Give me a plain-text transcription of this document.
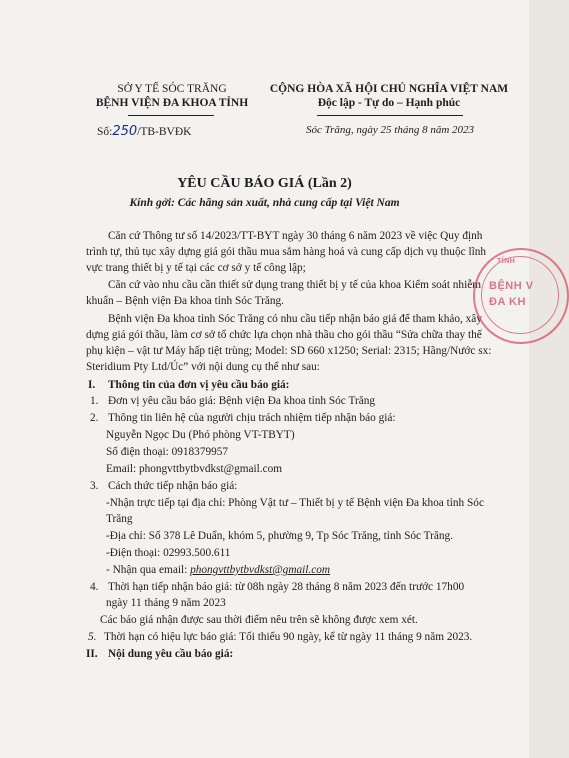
SỞ Y TẾ SÓC TRĂNG
BỆNH VIỆN ĐA KHOA TỈNH
Số:250/TB-BVĐK
CỘNG HÒA XÃ HỘI CHỦ NGHĨA VIỆT NAM
Độc lập - Tự do – Hạnh phúc
Sóc Trăng, ngày 25 tháng 8 năm 2023
YÊU CẦU BÁO GIÁ (Lần 2)
Kính gởi: Các hãng sản xuất, nhà cung cấp tại Việt Nam
Căn cứ Thông tư số 14/2023/TT-BYT ngày 30 tháng 6 năm 2023 về việc Quy định
trình tự, thủ tục xây dựng giá gói thầu mua sắm hàng hoá và cung cấp dịch vụ thuộc lĩnh
vực trang thiết bị y tế tại các cơ sở y tế công lập;
Căn cứ vào nhu cầu cần thiết sử dụng trang thiết bị y tế của khoa Kiểm soát nhiễm
khuẩn – Bệnh viện Đa khoa tỉnh Sóc Trăng.
Bệnh viện Đa khoa tỉnh Sóc Trăng có nhu cầu tiếp nhận báo giá để tham khảo, xây
dựng giá gói thầu, làm cơ sở tổ chức lựa chọn nhà thầu cho gói thầu “Sửa chữa thay thế
phụ kiện – vật tư Máy hấp tiệt trùng; Model: SD 660 x1250; Serial: 2315; Hãng/Nước sx:
Steridium Pty Ltd/Úc” với nội dung cụ thể như sau:
I. Thông tin của đơn vị yêu cầu báo giá:
1. Đơn vị yêu cầu báo giá: Bệnh viện Đa khoa tỉnh Sóc Trăng
2. Thông tin liên hệ của người chịu trách nhiệm tiếp nhận báo giá:
Nguyễn Ngọc Du (Phó phòng VT-TBYT)
Số điện thoại: 0918379957
Email: phongvttbytbvdkst@gmail.com
3. Cách thức tiếp nhận báo giá:
-Nhận trực tiếp tại địa chỉ: Phòng Vật tư – Thiết bị y tế Bệnh viện Đa khoa tỉnh Sóc
Trăng
-Địa chỉ: Số 378 Lê Duẩn, khóm 5, phường 9, Tp Sóc Trăng, tỉnh Sóc Trăng.
-Điện thoại: 02993.500.611
- Nhận qua email: phongvttbytbvdkst@gmail.com
4. Thời hạn tiếp nhận báo giá: từ 08h ngày 28 tháng 8 năm 2023 đến trước 17h00
ngày 11 tháng 9 năm 2023
Các báo giá nhận được sau thời điểm nêu trên sẽ không được xem xét.
5. Thời hạn có hiệu lực báo giá: Tối thiểu 90 ngày, kể từ ngày 11 tháng 9 năm 2023.
II. Nội dung yêu cầu báo giá:
TỈNH
BỆNH V
ĐA KH
